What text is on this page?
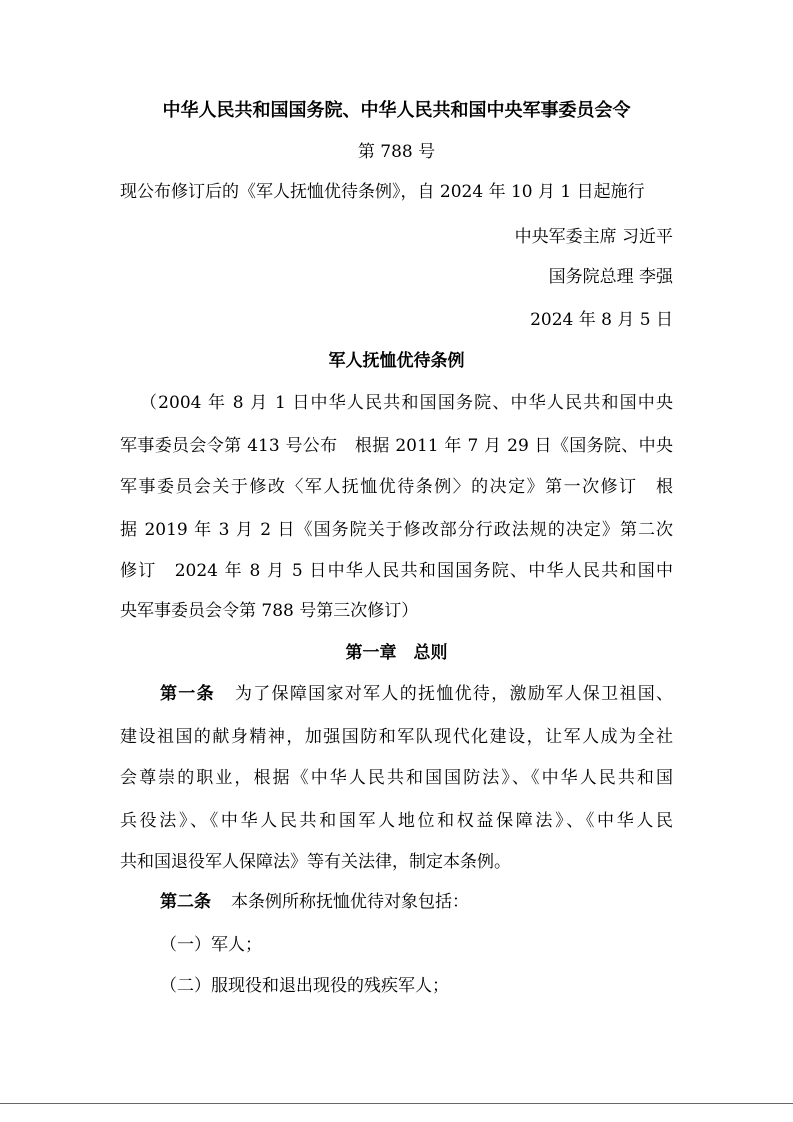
中华人民共和国国务院、中华人民共和国中央军事委员会令
第 788 号
现公布修订后的《军人抚恤优待条例》，自 2024 年 10 月 1 日起施行
中央军委主席 习近平
国务院总理 李强
2024 年 8 月 5 日
军人抚恤优待条例
（2004 年 8 月 1 日中华人民共和国国务院、中华人民共和国中央
军事委员会令第 413 号公布　根据 2011 年 7 月 29 日《国务院、中央
军事委员会关于修改〈军人抚恤优待条例〉的决定》第一次修订　根
据 2019 年 3 月 2 日《国务院关于修改部分行政法规的决定》第二次
修订　2024 年 8 月 5 日中华人民共和国国务院、中华人民共和国中
央军事委员会令第 788 号第三次修订）
第一章　总则
第一条 为了保障国家对军人的抚恤优待，激励军人保卫祖国、
建设祖国的献身精神，加强国防和军队现代化建设，让军人成为全社
会尊崇的职业，根据《中华人民共和国国防法》、《中华人民共和国
兵役法》、《中华人民共和国军人地位和权益保障法》、《中华人民
共和国退役军人保障法》等有关法律，制定本条例。
第二条 本条例所称抚恤优待对象包括：
（一）军人；
（二）服现役和退出现役的残疾军人；
